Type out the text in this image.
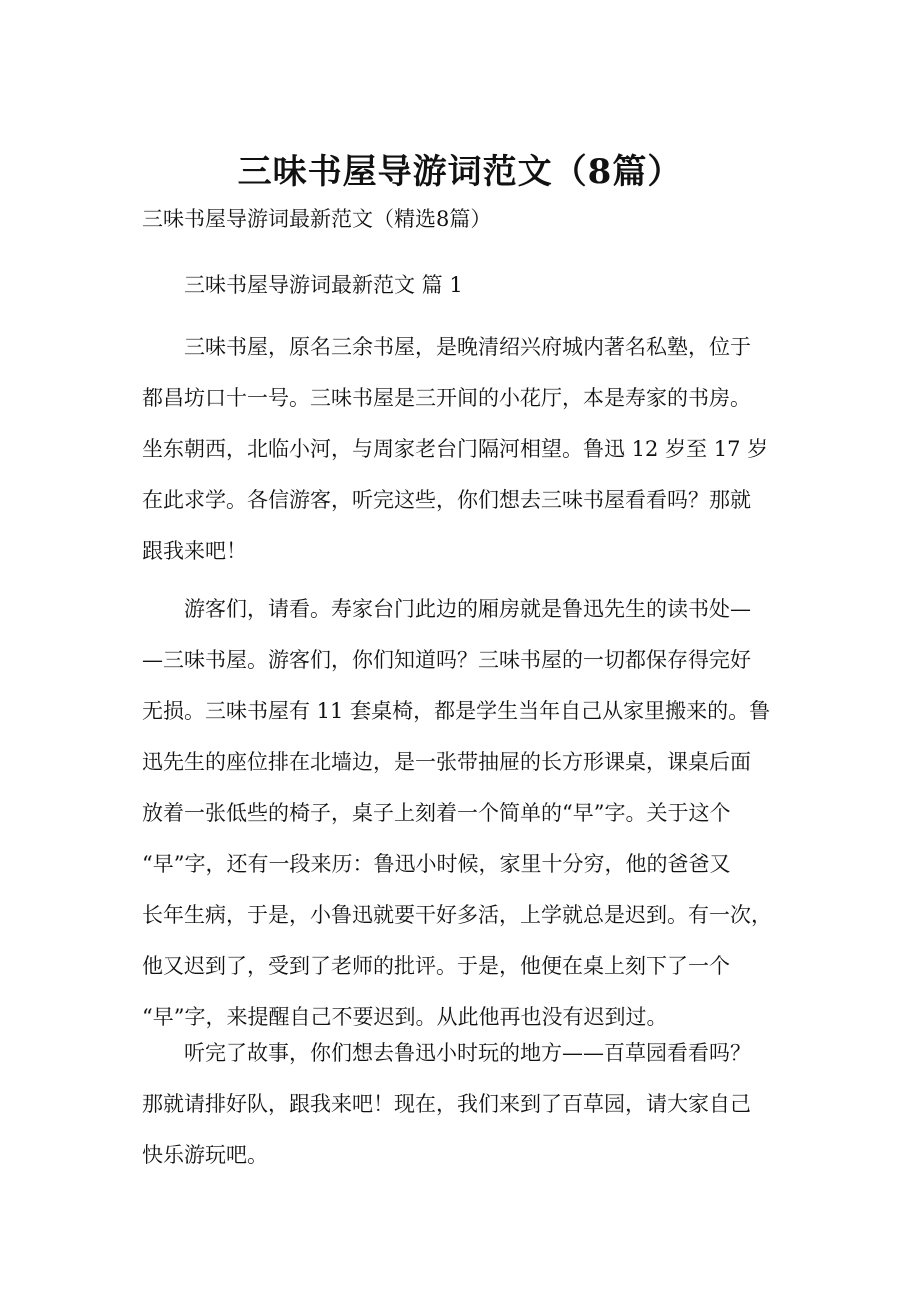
三味书屋导游词范文（8篇）
三味书屋导游词最新范文（精选8篇）
三味书屋导游词最新范文 篇 1
三味书屋，原名三余书屋，是晚清绍兴府城内著名私塾，位于
都昌坊口十一号。三味书屋是三开间的小花厅，本是寿家的书房。
坐东朝西，北临小河，与周家老台门隔河相望。鲁迅 12 岁至 17 岁
在此求学。各信游客，听完这些，你们想去三味书屋看看吗？那就
跟我来吧！
游客们，请看。寿家台门此边的厢房就是鲁迅先生的读书处—
—三味书屋。游客们，你们知道吗？三味书屋的一切都保存得完好
无损。三味书屋有 11 套桌椅，都是学生当年自己从家里搬来的。鲁
迅先生的座位排在北墙边，是一张带抽屉的长方形课桌，课桌后面
放着一张低些的椅子，桌子上刻着一个简单的“早”字。关于这个
“早”字，还有一段来历：鲁迅小时候，家里十分穷，他的爸爸又
长年生病，于是，小鲁迅就要干好多活，上学就总是迟到。有一次，
他又迟到了，受到了老师的批评。于是，他便在桌上刻下了一个
“早”字，来提醒自己不要迟到。从此他再也没有迟到过。
听完了故事，你们想去鲁迅小时玩的地方——百草园看看吗？
那就请排好队，跟我来吧！现在，我们来到了百草园，请大家自己
快乐游玩吧。
